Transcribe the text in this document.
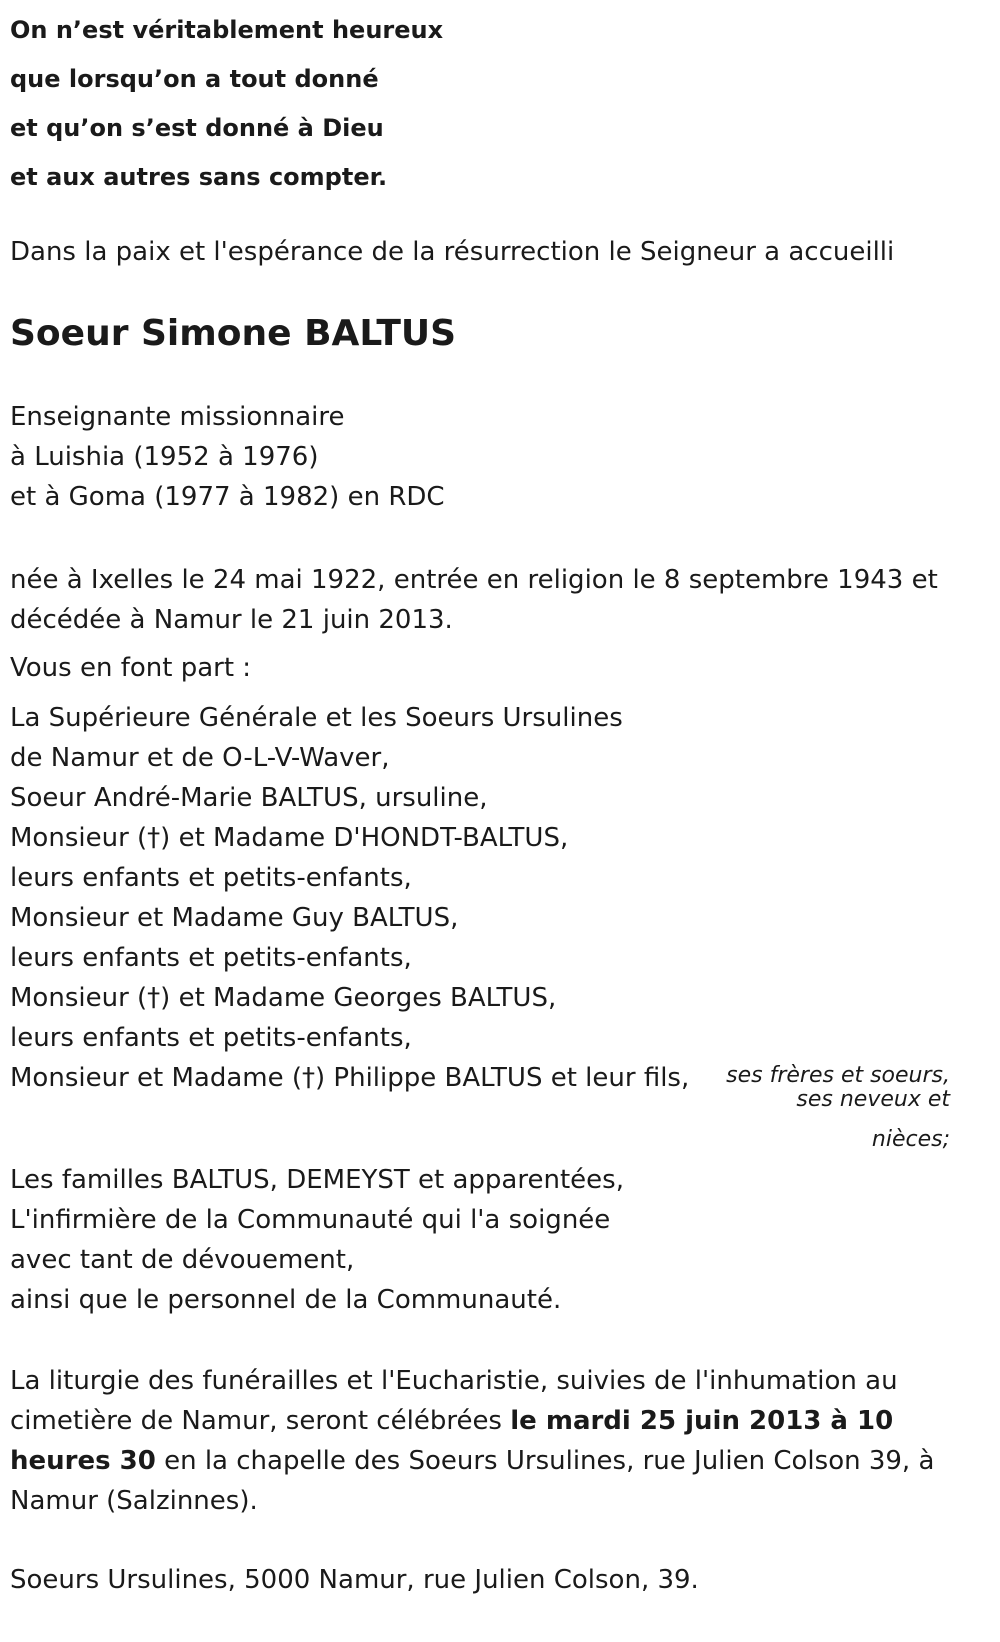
On n’est véritablement heureux
que lorsqu’on a tout donné
et qu’on s’est donné à Dieu
et aux autres sans compter.

Dans la paix et l'espérance de la résurrection le Seigneur a accueilli

Soeur Simone BALTUS

Enseignante missionnaire
à Luishia (1952 à 1976)
et à Goma (1977 à 1982) en RDC

née à Ixelles le 24 mai 1922, entrée en religion le 8 septembre 1943 et décédée à Namur le 21 juin 2013.

Vous en font part :

La Supérieure Générale et les Soeurs Ursulines
de Namur et de O-L-V-Waver,
Soeur André-Marie BALTUS, ursuline,
Monsieur (†) et Madame D'HONDT-BALTUS,
leurs enfants et petits-enfants,
Monsieur et Madame Guy BALTUS,
leurs enfants et petits-enfants,
Monsieur (†) et Madame Georges BALTUS,
leurs enfants et petits-enfants,
Monsieur et Madame (†) Philippe BALTUS et leur fils, ses frères et soeurs,
ses neveux et
nièces;

Les familles BALTUS, DEMEYST et apparentées,
L'infirmière de la Communauté qui l'a soignée
avec tant de dévouement,
ainsi que le personnel de la Communauté.

La liturgie des funérailles et l'Eucharistie, suivies de l'inhumation au cimetière de Namur, seront célébrées le mardi 25 juin 2013 à 10 heures 30 en la chapelle des Soeurs Ursulines, rue Julien Colson 39, à Namur (Salzinnes).

Soeurs Ursulines, 5000 Namur, rue Julien Colson, 39.
